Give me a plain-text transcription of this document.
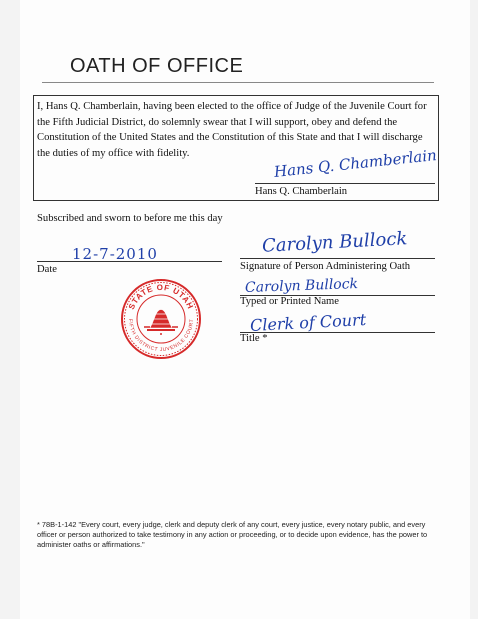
OATH OF OFFICE
I, Hans Q. Chamberlain, having been elected to the office of Judge of the Juvenile Court for the Fifth Judicial District, do solemnly swear that I will support, obey and defend the Constitution of the United States and the Constitution of this State and that I will discharge the duties of my office with fidelity.	Hans Q. Chamberlain
Hans Q. Chamberlain
Subscribed and sworn to before me this day
12-7-2010
Date
Carolyn Bullock
Signature of Person Administering Oath
Carolyn Bullock
Typed or Printed Name
Clerk of Court
Title *
STATE OF UTAH
FIFTH DISTRICT JUVENILE COURT
* 78B-1-142 "Every court, every judge, clerk and deputy clerk of any court, every justice, every notary public, and every officer or person authorized to take testimony in any action or proceeding, or to decide upon evidence, has the power to administer oaths or affirmations."
